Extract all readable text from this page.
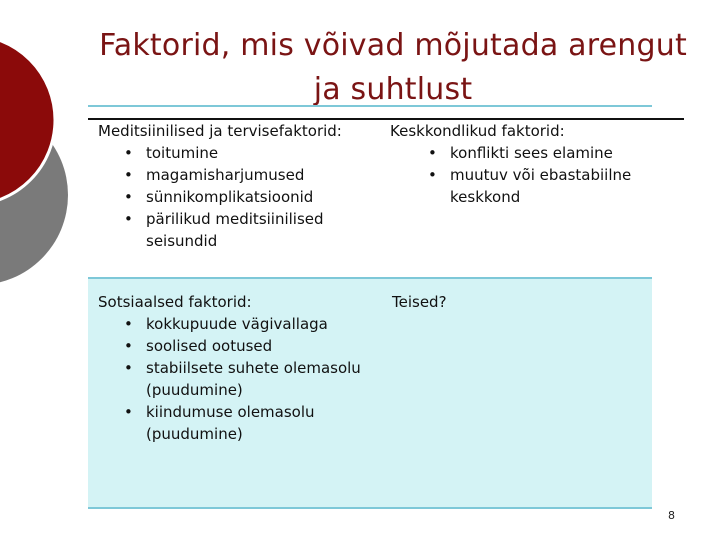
Faktorid, mis võivad mõjutada arengut ja suhtlust
Meditsiinilised ja tervisefaktorid:
• toitumine
• magamisharjumused
• sünnikomplikatsioonid
• pärilikud meditsiinilised seisundid
Keskkondlikud faktorid:
• konflikti sees elamine
• muutuv või ebastabiilne keskkond
Sotsiaalsed faktorid:
• kokkupuude vägivallaga
• soolised ootused
• stabiilsete suhete olemasolu (puudumine)
• kiindumuse olemasolu (puudumine)
Teised?
8
